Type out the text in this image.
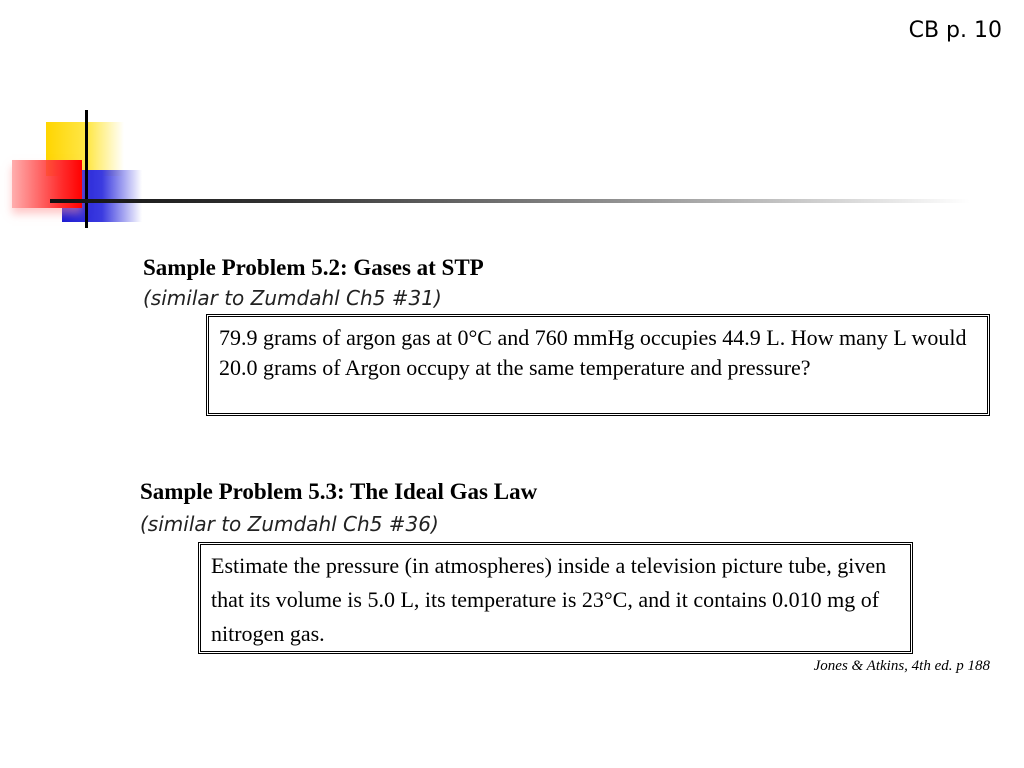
CB p. 10
Sample Problem 5.2: Gases at STP
(similar to Zumdahl Ch5 #31)
79.9 grams of argon gas at 0°C and 760 mmHg occupies 44.9 L. How many L would 20.0 grams of Argon occupy at the same temperature and pressure?
Sample Problem 5.3: The Ideal Gas Law
(similar to Zumdahl Ch5 #36)
Estimate the pressure (in atmospheres) inside a television picture tube, given that its volume is 5.0 L, its temperature is 23°C, and it contains 0.010 mg of nitrogen gas.
Jones & Atkins, 4th ed. p 188
